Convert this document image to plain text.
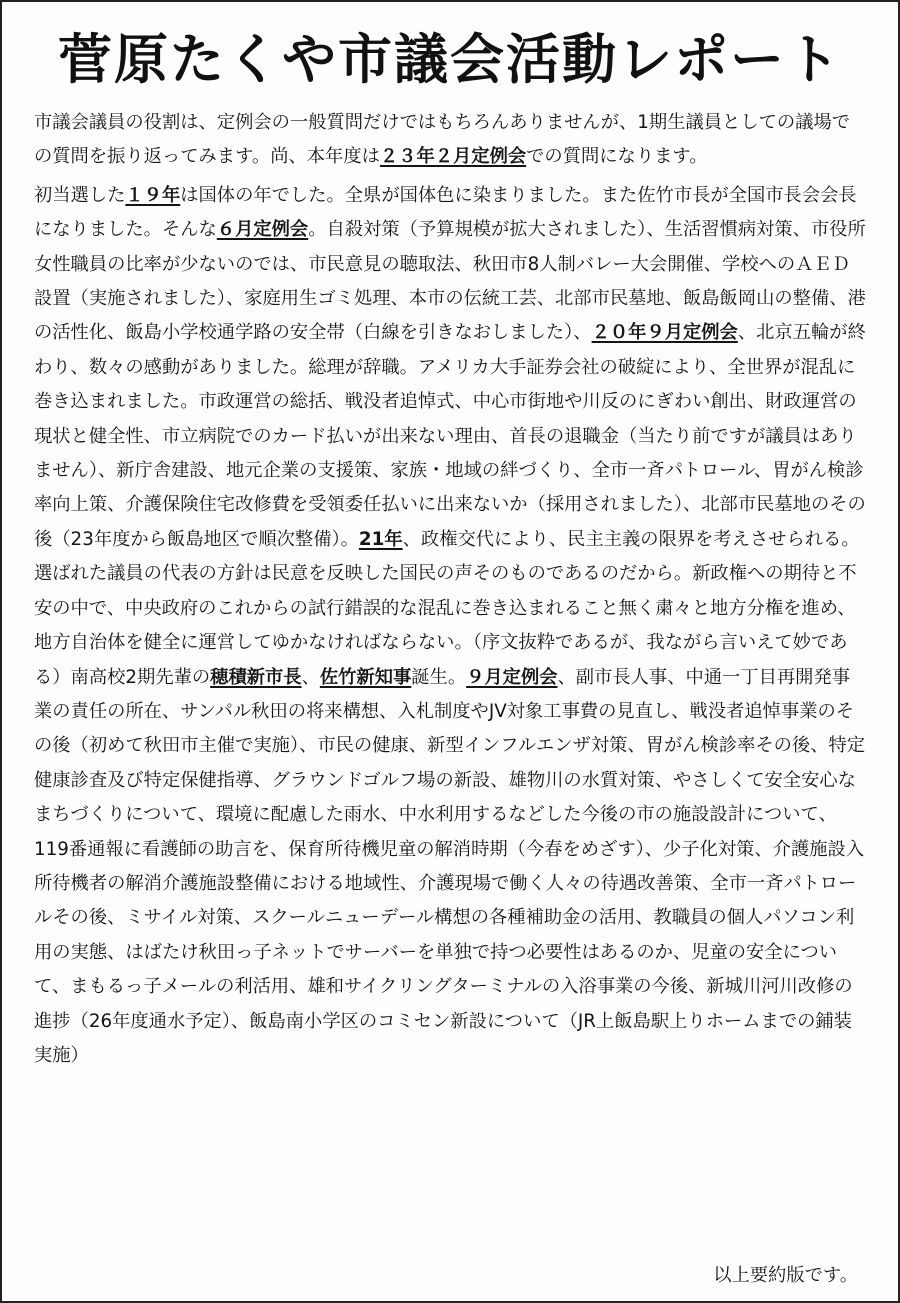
菅原たくや市議会活動レポート

市議会議員の役割は、定例会の一般質問だけではもちろんありませんが、1期生議員としての議場での質問を振り返ってみます。尚、本年度は２３年２月定例会での質問になります。

初当選した１９年は国体の年でした。全県が国体色に染まりました。また佐竹市長が全国市長会会長になりました。そんな６月定例会。自殺対策（予算規模が拡大されました）、生活習慣病対策、市役所女性職員の比率が少ないのでは、市民意見の聴取法、秋田市8人制バレー大会開催、学校へのＡＥＤ設置（実施されました）、家庭用生ゴミ処理、本市の伝統工芸、北部市民墓地、飯島飯岡山の整備、港の活性化、飯島小学校通学路の安全帯（白線を引きなおしました）、２０年９月定例会、北京五輪が終わり、数々の感動がありました。総理が辞職。アメリカ大手証券会社の破綻により、全世界が混乱に巻き込まれました。市政運営の総括、戦没者追悼式、中心市街地や川反のにぎわい創出、財政運営の現状と健全性、市立病院でのカード払いが出来ない理由、首長の退職金（当たり前ですが議員はありません）、新庁舎建設、地元企業の支援策、家族・地域の絆づくり、全市一斉パトロール、胃がん検診率向上策、介護保険住宅改修費を受領委任払いに出来ないか（採用されました）、北部市民墓地のその後（23年度から飯島地区で順次整備）。21年、政権交代により、民主主義の限界を考えさせられる。選ばれた議員の代表の方針は民意を反映した国民の声そのものであるのだから。新政権への期待と不安の中で、中央政府のこれからの試行錯誤的な混乱に巻き込まれること無く粛々と地方分権を進め、地方自治体を健全に運営してゆかなければならない。（序文抜粋であるが、我ながら言いえて妙である）南高校2期先輩の穂積新市長、佐竹新知事誕生。９月定例会、副市長人事、中通一丁目再開発事業の責任の所在、サンパル秋田の将来構想、入札制度やJV対象工事費の見直し、戦没者追悼事業のその後（初めて秋田市主催で実施）、市民の健康、新型インフルエンザ対策、胃がん検診率その後、特定健康診査及び特定保健指導、グラウンドゴルフ場の新設、雄物川の水質対策、やさしくて安全安心なまちづくりについて、環境に配慮した雨水、中水利用するなどした今後の市の施設設計について、119番通報に看護師の助言を、保育所待機児童の解消時期（今春をめざす）、少子化対策、介護施設入所待機者の解消介護施設整備における地域性、介護現場で働く人々の待遇改善策、全市一斉パトロールその後、ミサイル対策、スクールニューデール構想の各種補助金の活用、教職員の個人パソコン利用の実態、はばたけ秋田っ子ネットでサーバーを単独で持つ必要性はあるのか、児童の安全について、まもるっ子メールの利活用、雄和サイクリングターミナルの入浴事業の今後、新城川河川改修の進捗（26年度通水予定）、飯島南小学区のコミセン新設について（JR上飯島駅上りホームまでの鋪装実施）

以上要約版です。
